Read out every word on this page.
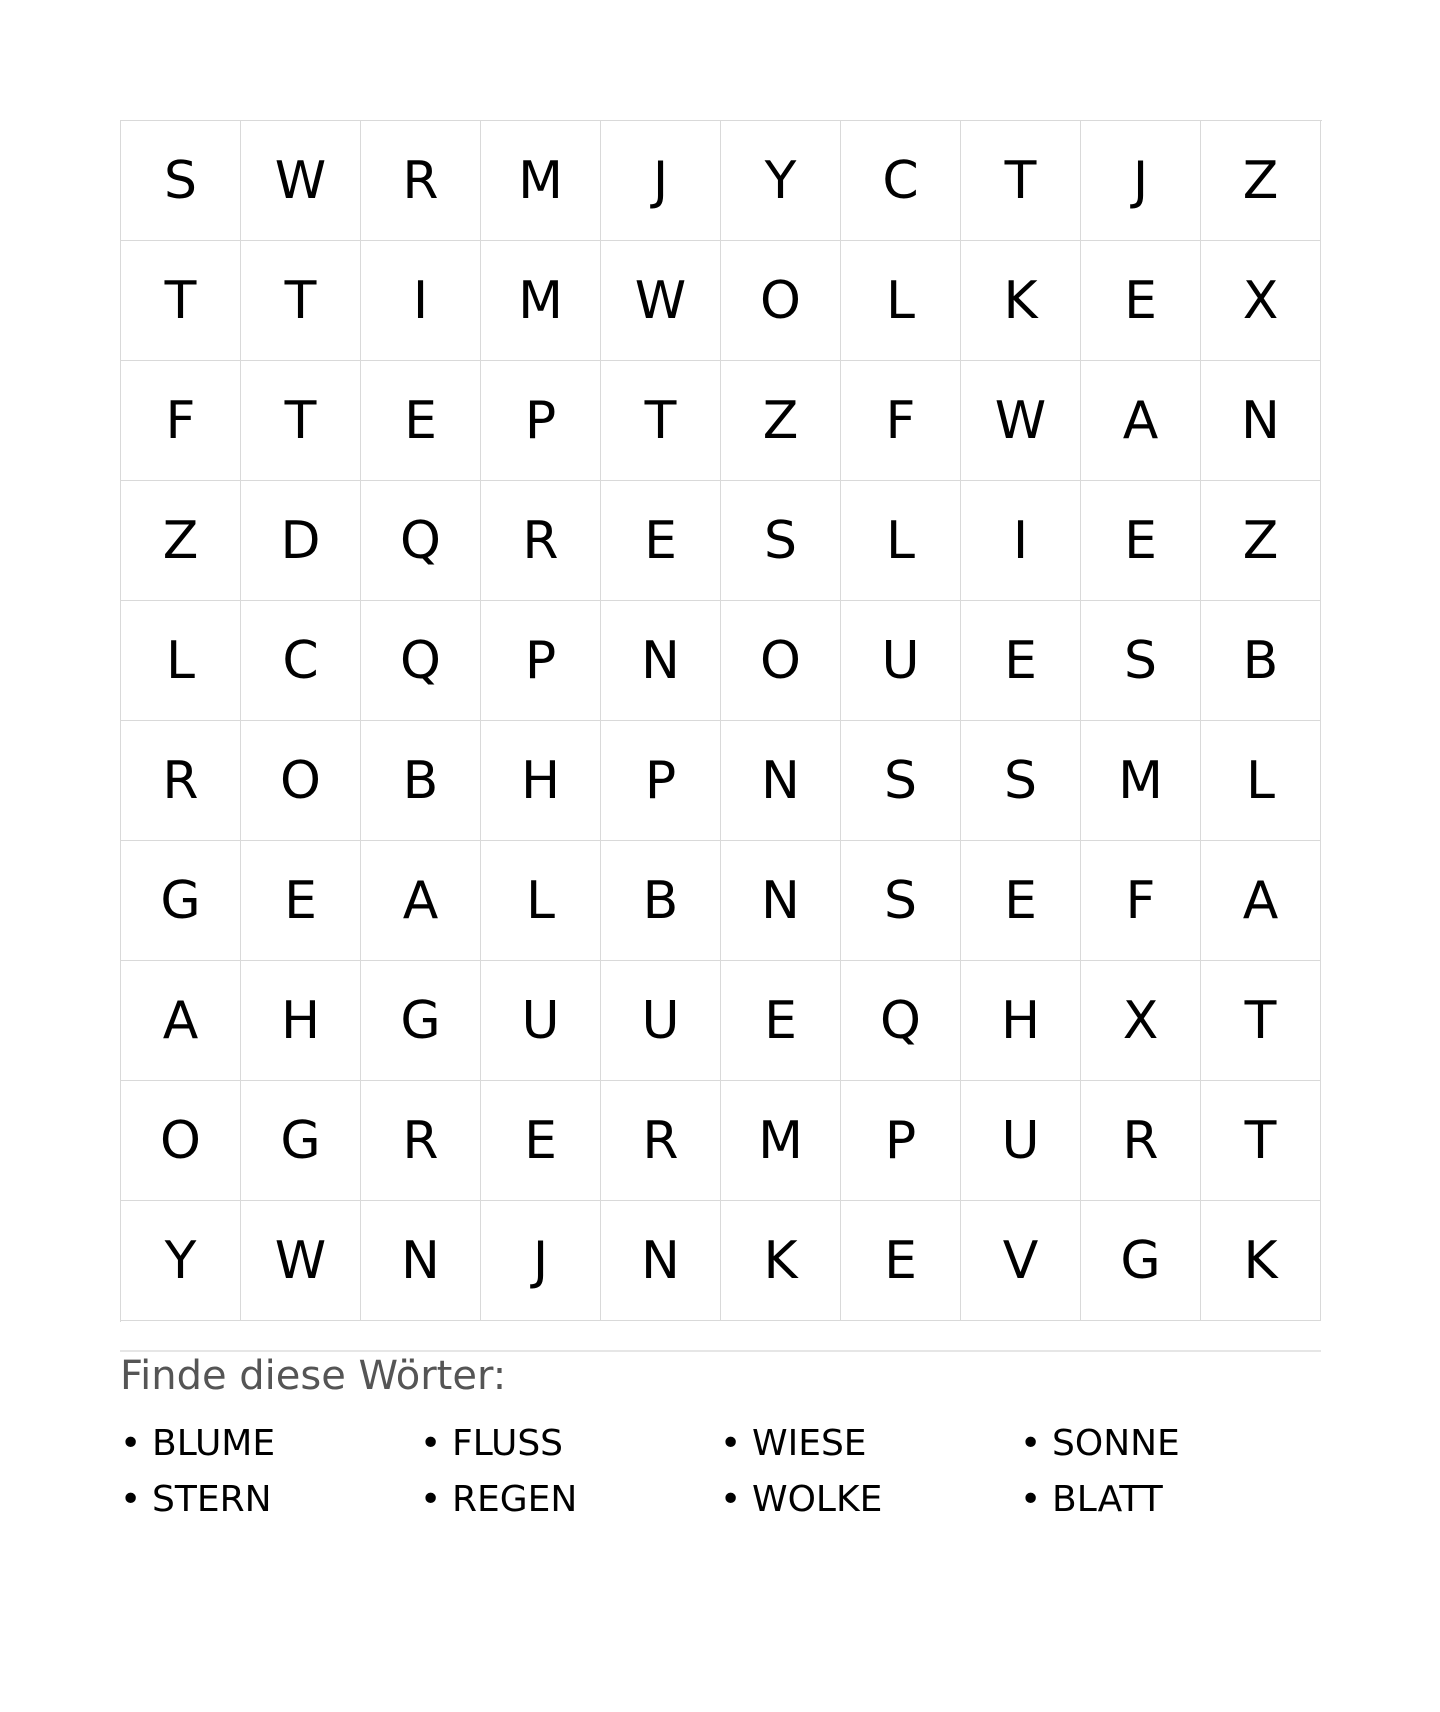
S	W	R	M	J	Y	C	T	J	Z
T	T	I	M	W	O	L	K	E	X
F	T	E	P	T	Z	F	W	A	N
Z	D	Q	R	E	S	L	I	E	Z
L	C	Q	P	N	O	U	E	S	B
R	O	B	H	P	N	S	S	M	L
G	E	A	L	B	N	S	E	F	A
A	H	G	U	U	E	Q	H	X	T
O	G	R	E	R	M	P	U	R	T
Y	W	N	J	N	K	E	V	G	K
Finde diese Wörter:
• BLUME	• FLUSS	• WIESE	• SONNE
• STERN	• REGEN	• WOLKE	• BLATT
